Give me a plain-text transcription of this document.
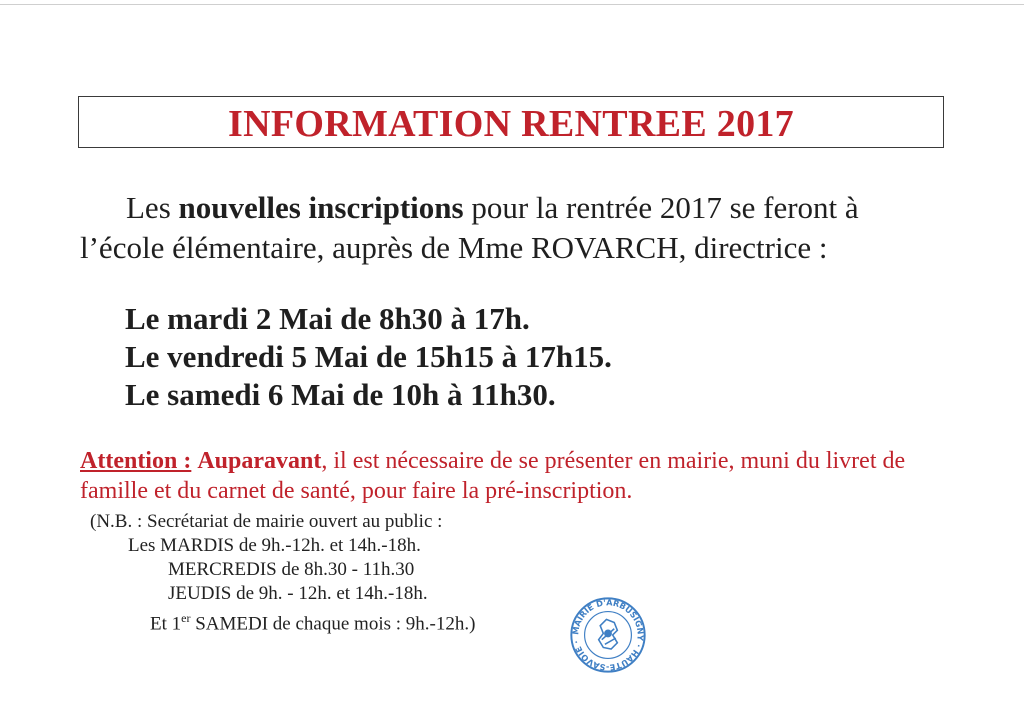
INFORMATION RENTREE 2017
Les nouvelles inscriptions pour la rentrée 2017 se feront à
l’école élémentaire, auprès de Mme ROVARCH, directrice :
Le mardi 2 Mai de 8h30 à 17h.
Le vendredi 5 Mai de 15h15 à 17h15.
Le samedi 6 Mai de 10h à 11h30.
Attention : Auparavant, il est nécessaire de se présenter en mairie, muni du livret de famille et du carnet de santé, pour faire la pré-inscription.
(N.B. : Secrétariat de mairie ouvert au public :
Les MARDIS de 9h.-12h. et 14h.-18h.
MERCREDIS de 8h.30 - 11h.30
JEUDIS de 9h. - 12h. et 14h.-18h.
Et 1er SAMEDI de chaque mois : 9h.-12h.)	MAIRIE D'ARBUSIGNY · HAUTE-SAVOIE ·
